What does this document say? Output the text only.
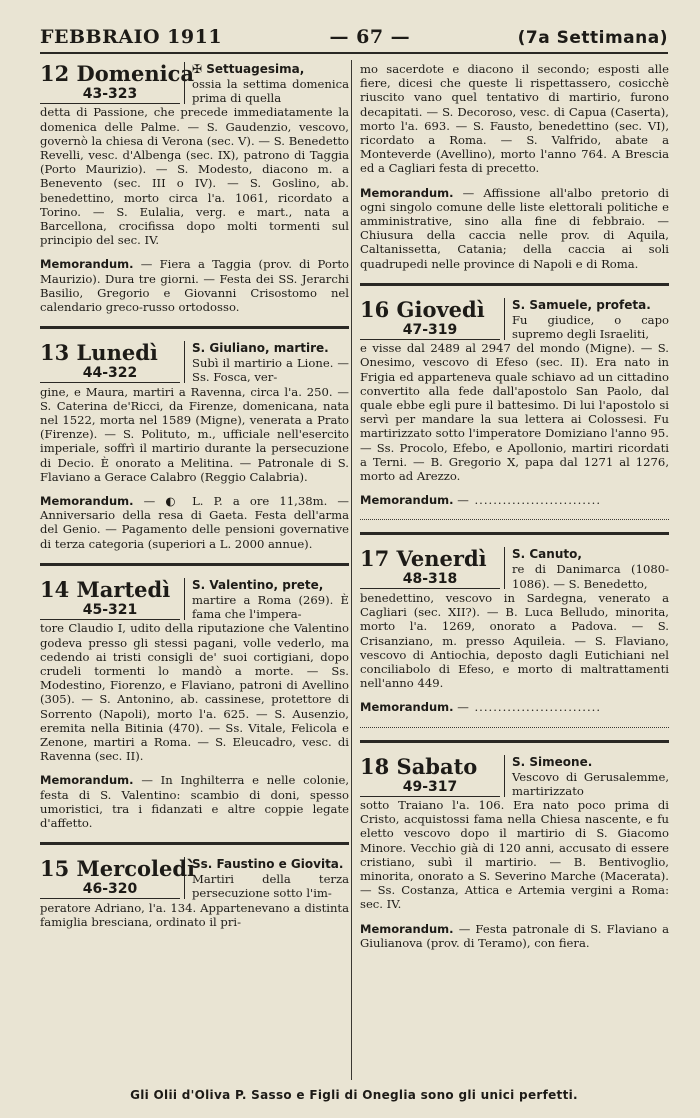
FEBBRAIO 1911	— 67 —	(7a Settimana)
12 Domenica
43-323
✠ Settuagesima,
ossia la settima domenica prima di quella
detta di Passione, che precede immediatamente la domenica delle Palme. — S. Gaudenzio, vescovo, governò la chiesa di Verona (sec. V). — S. Benedetto Revelli, vesc. d'Albenga (sec. IX), patrono di Taggia (Porto Maurizio). — S. Modesto, diacono m. a Benevento (sec. III o IV). — S. Goslino, ab. benedettino, morto circa l'a. 1061, ricordato a Torino. — S. Eulalia, verg. e mart., nata a Barcellona, crocifissa dopo molti tormenti sul principio del sec. IV.
Memorandum. — Fiera a Taggia (prov. di Porto Maurizio). Dura tre giorni. — Festa dei SS. Jerarchi Basilio, Gregorio e Giovanni Crisostomo nel calendario greco-russo ortodosso.
13 Lunedì
44-322
S. Giuliano, martire.
Subì il martirio a Lione. — Ss. Fosca, ver-
gine, e Maura, martiri a Ravenna, circa l'a. 250. — S. Caterina de'Ricci, da Firenze, domenicana, nata nel 1522, morta nel 1589 (Migne), venerata a Prato (Firenze). — S. Polituto, m., ufficiale nell'esercito imperiale, soffrì il martirio durante la persecuzione di Decio. È onorato a Melitina. — Patronale di S. Flaviano a Gerace Calabro (Reggio Calabria).
Memorandum. — ◐ L. P. a ore 11,38m. — Anniversario della resa di Gaeta. Festa dell'arma del Genio. — Pagamento delle pensioni governative di terza categoria (superiori a L. 2000 annue).
14 Martedì
45-321
S. Valentino, prete,
martire a Roma (269). È fama che l'impera-
tore Claudio I, udito della riputazione che Valentino godeva presso gli stessi pagani, volle vederlo, ma cedendo ai tristi consigli de' suoi cortigiani, dopo crudeli tormenti lo mandò a morte. — Ss. Modestino, Fiorenzo, e Flaviano, patroni di Avellino (305). — S. Antonino, ab. cassinese, protettore di Sorrento (Napoli), morto l'a. 625. — S. Ausenzio, eremita nella Bitinia (470). — Ss. Vitale, Felicola e Zenone, martiri a Roma. — S. Eleucadro, vesc. di Ravenna (sec. II).
Memorandum. — In Inghilterra e nelle colonie, festa di S. Valentino: scambio di doni, spesso umoristici, tra i fidanzati e altre coppie legate d'affetto.
15 Mercoledì
46-320
Ss. Faustino e Giovita.
Martiri della terza persecuzione sotto l'im-
peratore Adriano, l'a. 134. Appartenevano a distinta famiglia bresciana, ordinato il pri-
mo sacerdote e diacono il secondo; esposti alle fiere, dicesi che queste li rispettassero, cosicchè riuscito vano quel tentativo di martirio, furono decapitati. — S. Decoroso, vesc. di Capua (Caserta), morto l'a. 693. — S. Fausto, benedettino (sec. VI), ricordato a Roma. — S. Valfrido, abate a Monteverde (Avellino), morto l'anno 764. A Brescia ed a Cagliari festa di precetto.
Memorandum. — Affissione all'albo pretorio di ogni singolo comune delle liste elettorali politiche e amministrative, sino alla fine di febbraio. — Chiusura della caccia nelle prov. di Aquila, Caltanissetta, Catania; della caccia ai soli quadrupedi nelle province di Napoli e di Roma.
16 Giovedì
47-319
S. Samuele, profeta.
Fu giudice, o capo supremo degli Israeliti,
e visse dal 2489 al 2947 del mondo (Migne). — S. Onesimo, vescovo di Efeso (sec. II). Era nato in Frigia ed apparteneva quale schiavo ad un cittadino convertito alla fede dall'apostolo San Paolo, dal quale ebbe egli pure il battesimo. Di lui l'apostolo si servì per mandare la sua lettera ai Colossesi. Fu martirizzato sotto l'imperatore Domiziano l'anno 95. — Ss. Procolo, Efebo, e Apollonio, martiri ricordati a Terni. — B. Gregorio X, papa dal 1271 al 1276, morto ad Arezzo.
Memorandum. — ...........................
17 Venerdì
48-318
S. Canuto,
re di Danimarca (1080-1086). — S. Benedetto,
benedettino, vescovo in Sardegna, venerato a Cagliari (sec. XII?). — B. Luca Belludo, minorita, morto l'a. 1269, onorato a Padova. — S. Crisanziano, m. presso Aquileia. — S. Flaviano, vescovo di Antiochia, deposto dagli Eutichiani nel conciliabolo di Efeso, e morto di maltrattamenti nell'anno 449.
Memorandum. — ...........................
18 Sabato
49-317
S. Simeone.
Vescovo di Gerusalemme, martirizzato
sotto Traiano l'a. 106. Era nato poco prima di Cristo, acquistossi fama nella Chiesa nascente, e fu eletto vescovo dopo il martirio di S. Giacomo Minore. Vecchio già di 120 anni, accusato di essere cristiano, subì il martirio. — B. Bentivoglio, minorita, onorato a S. Severino Marche (Macerata). — Ss. Costanza, Attica e Artemia vergini a Roma: sec. IV.
Memorandum. — Festa patronale di S. Flaviano a Giulianova (prov. di Teramo), con fiera.
Gli Olii d'Oliva P. Sasso e Figli di Oneglia sono gli unici perfetti.
